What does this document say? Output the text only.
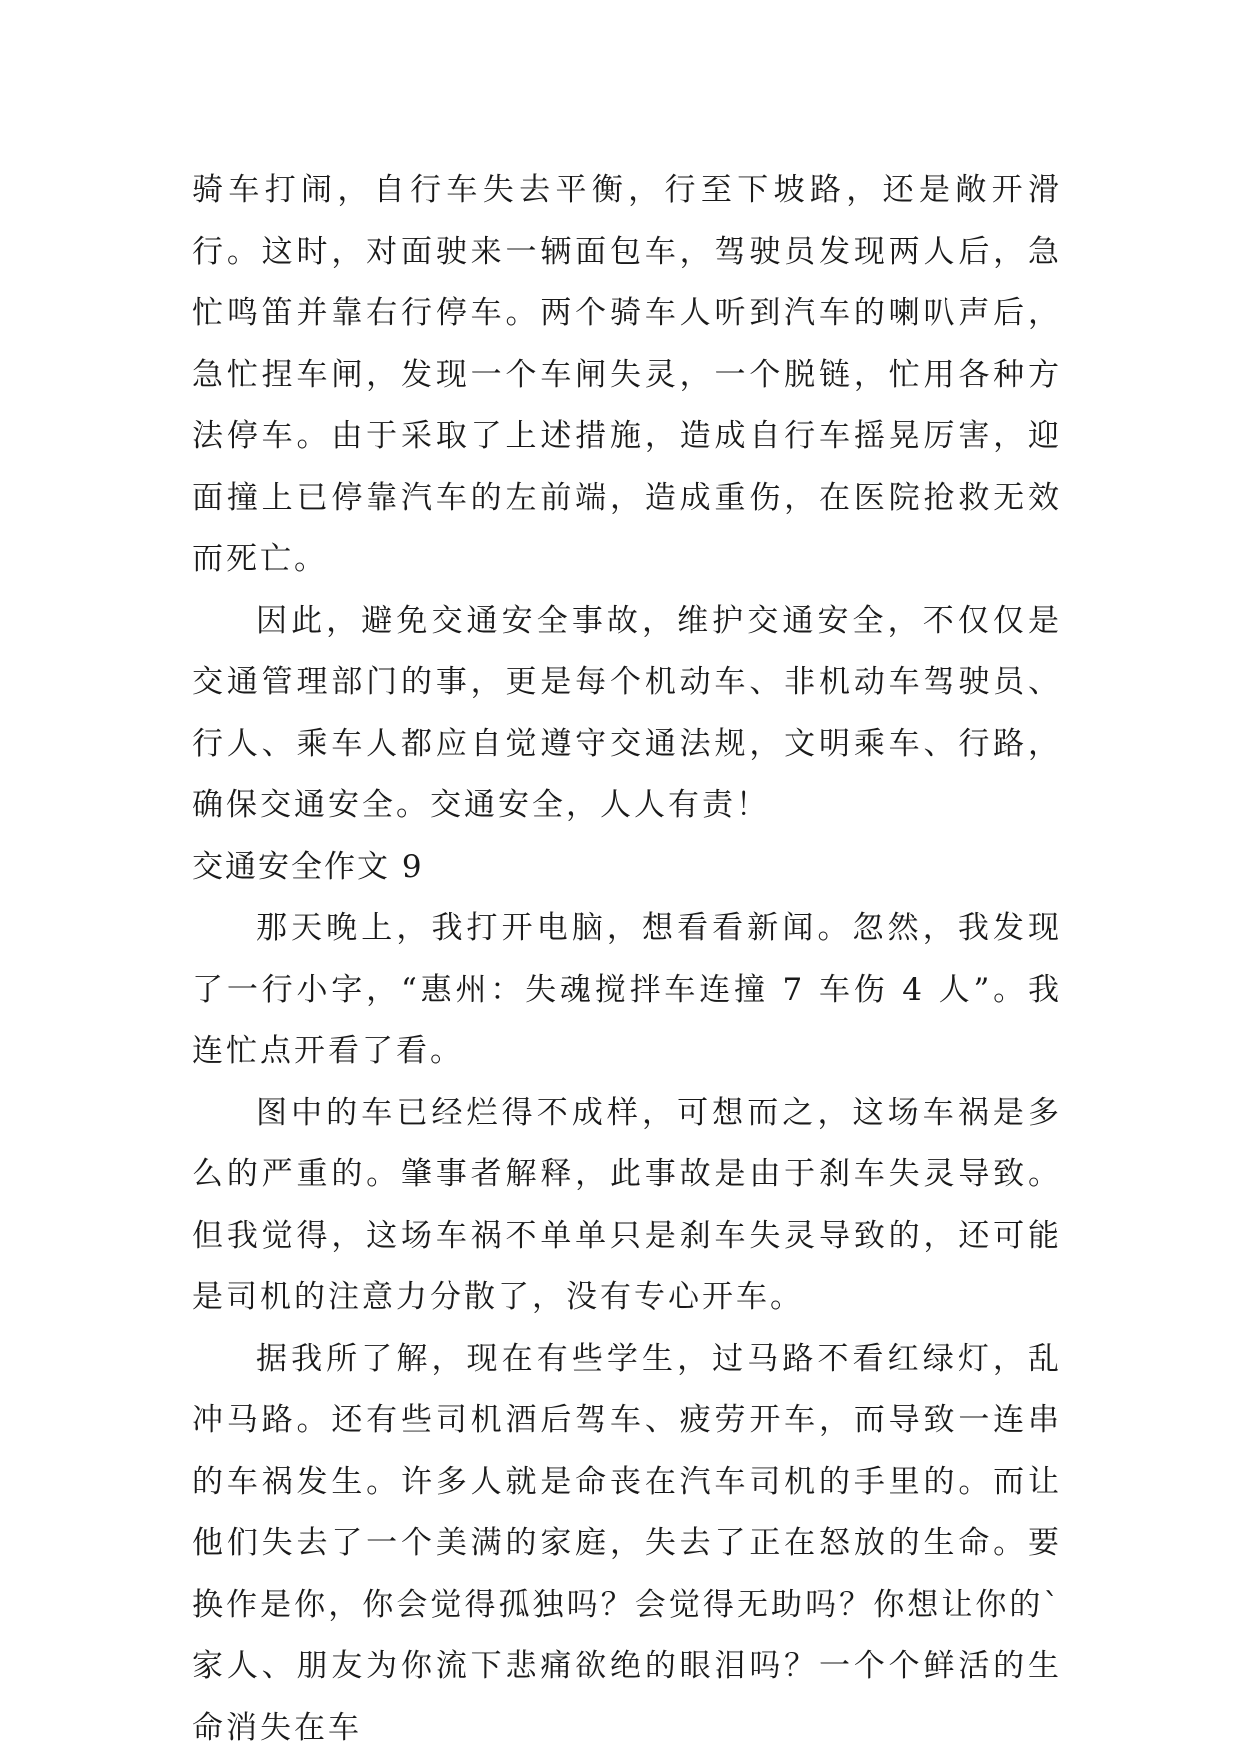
骑车打闹，自行车失去平衡，行至下坡路，还是敞开滑行。这时，对面驶来一辆面包车，驾驶员发现两人后，急忙鸣笛并靠右行停车。两个骑车人听到汽车的喇叭声后，急忙捏车闸，发现一个车闸失灵，一个脱链，忙用各种方法停车。由于采取了上述措施，造成自行车摇晃厉害，迎面撞上已停靠汽车的左前端，造成重伤，在医院抢救无效而死亡。

因此，避免交通安全事故，维护交通安全，不仅仅是交通管理部门的事，更是每个机动车、非机动车驾驶员、行人、乘车人都应自觉遵守交通法规，文明乘车、行路，确保交通安全。交通安全，人人有责！

交通安全作文 9

那天晚上，我打开电脑，想看看新闻。忽然，我发现了一行小字，“惠州：失魂搅拌车连撞 7 车伤 4 人”。我连忙点开看了看。

图中的车已经烂得不成样，可想而之，这场车祸是多么的严重的。肇事者解释，此事故是由于刹车失灵导致。但我觉得，这场车祸不单单只是刹车失灵导致的，还可能是司机的注意力分散了，没有专心开车。

据我所了解，现在有些学生，过马路不看红绿灯，乱冲马路。还有些司机酒后驾车、疲劳开车，而导致一连串的车祸发生。许多人就是命丧在汽车司机的手里的。而让他们失去了一个美满的家庭，失去了正在怒放的生命。要换作是你，你会觉得孤独吗？会觉得无助吗？你想让你的`家人、朋友为你流下悲痛欲绝的眼泪吗？一个个鲜活的生命消失在车
